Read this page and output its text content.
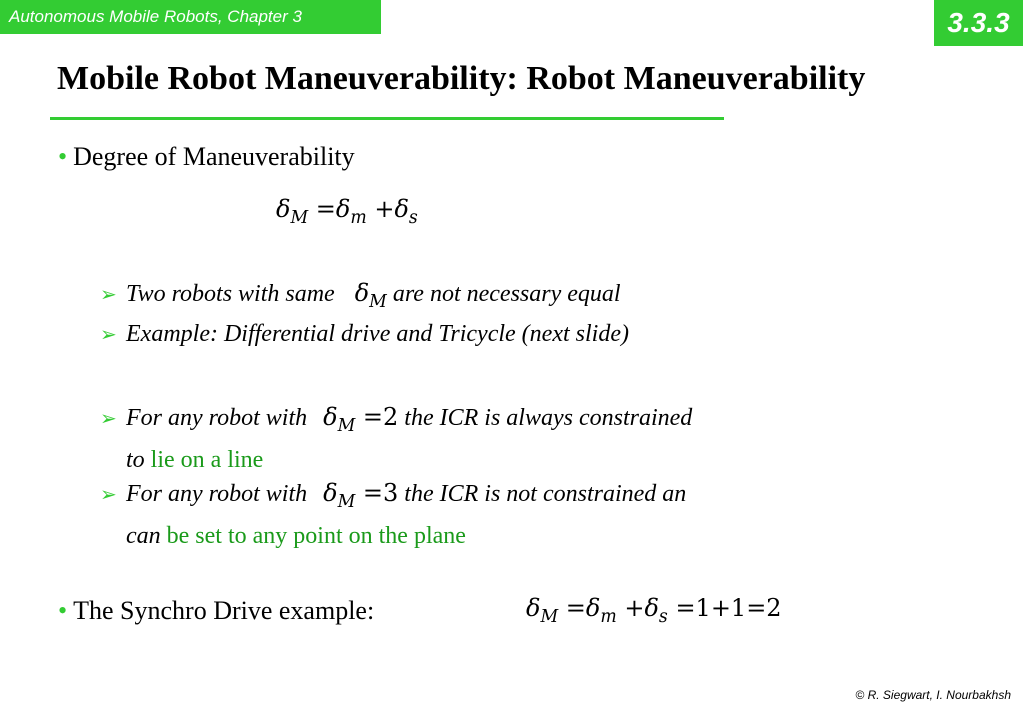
Autonomous Mobile Robots, Chapter 3	3.3.3
Mobile Robot Maneuverability: Robot Maneuverability
• Degree of Maneuverability
$\delta_M =\delta_m +\delta_s$
➢ Two robots with same $\delta_M$ are not necessary equal
➢ Example: Differential drive and Tricycle (next slide)
➢ For any robot with $\delta_M =2$ the ICR is always constrained
to lie on a line
➢ For any robot with $\delta_M =3$ the ICR is not constrained an
can be set to any point on the plane
• The Synchro Drive example:	$\delta_M =\delta_m +\delta_s =1+1=2$
© R. Siegwart, I. Nourbakhsh
